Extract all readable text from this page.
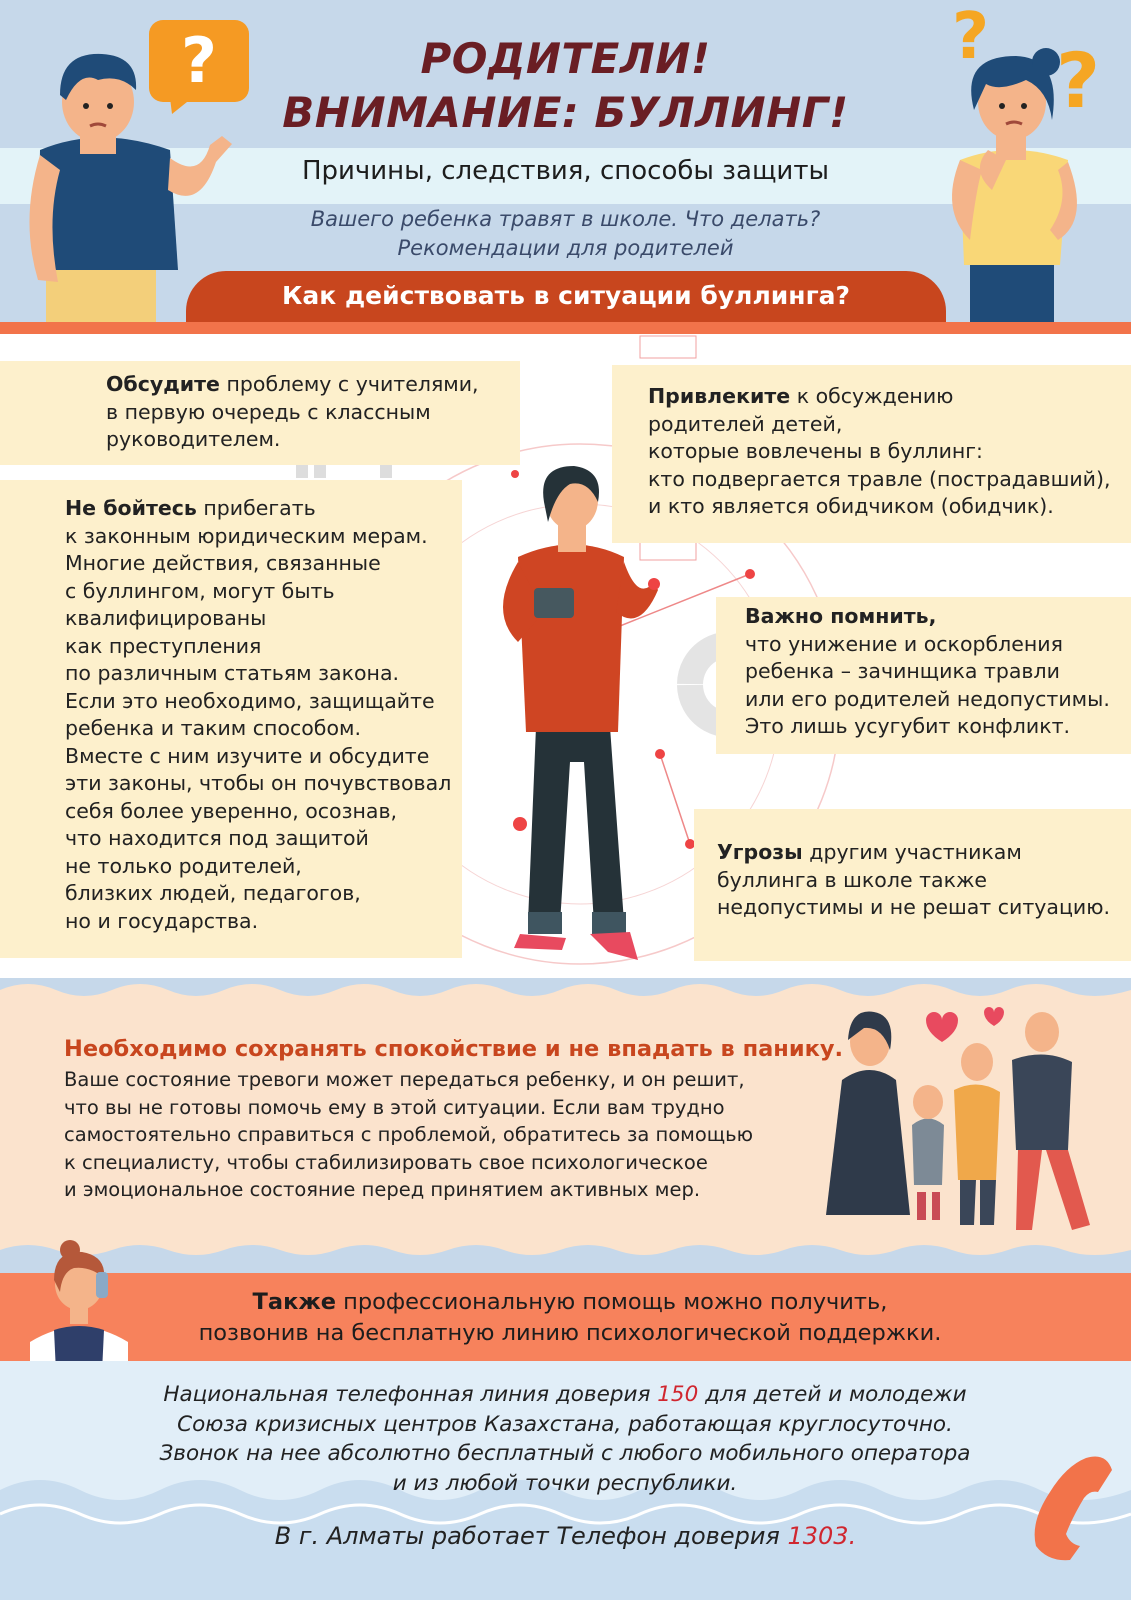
?	? ?
РОДИТЕЛИ!
ВНИМАНИЕ: БУЛЛИНГ!
Причины, следствия, способы защиты
Вашего ребенка травят в школе. Что делать?
Рекомендации для родителей
Как действовать в ситуации буллинга?
Обсудите проблему с учителями,
в первую очередь с классным
руководителем.
Привлеките к обсуждению
родителей детей,
которые вовлечены в буллинг:
кто подвергается травле (пострадавший),
и кто является обидчиком (обидчик).
Не бойтесь прибегать
к законным юридическим мерам.
Многие действия, связанные
с буллингом, могут быть
квалифицированы
как преступления
по различным статьям закона.
Если это необходимо, защищайте
ребенка и таким способом.
Вместе с ним изучите и обсудите
эти законы, чтобы он почувствовал
себя более уверенно, осознав,
что находится под защитой
не только родителей,
близких людей, педагогов,
но и государства.
Важно помнить,
что унижение и оскорбления
ребенка – зачинщика травли
или его родителей недопустимы.
Это лишь усугубит конфликт.
Угрозы другим участникам
буллинга в школе также
недопустимы и не решат ситуацию.
Необходимо сохранять спокойствие и не впадать в панику.
Ваше состояние тревоги может передаться ребенку, и он решит,
что вы не готовы помочь ему в этой ситуации. Если вам трудно
самостоятельно справиться с проблемой, обратитесь за помощью
к специалисту, чтобы стабилизировать свое психологическое
и эмоциональное состояние перед принятием активных мер.
Также профессиональную помощь можно получить,
позвонив на бесплатную линию психологической поддержки.
Национальная телефонная линия доверия 150 для детей и молодежи
Союза кризисных центров Казахстана, работающая круглосуточно.
Звонок на нее абсолютно бесплатный с любого мобильного оператора
и из любой точки республики.
В г. Алматы работает Телефон доверия 1303.
